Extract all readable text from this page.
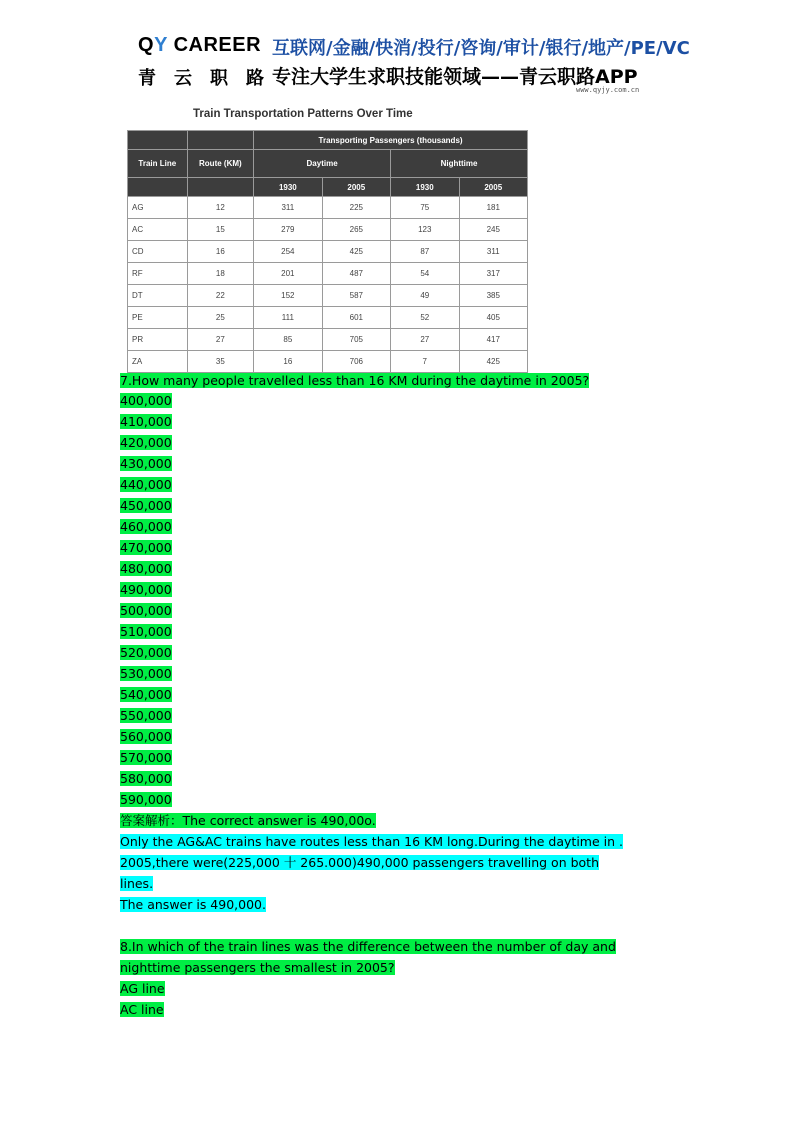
QY CAREER
青云职路
互联网/金融/快消/投行/咨询/审计/银行/地产/PE/VC
专注大学生求职技能领域——青云职路APP
www.qyjy.com.cn
Train Transportation Patterns Over Time
		Transporting Passengers (thousands)			
Train Line	Route (KM)	Daytime		Nighttime	
		1930	2005	1930	2005
AG	12	311	225	75	181
AC	15	279	265	123	245
CD	16	254	425	87	311
RF	18	201	487	54	317
DT	22	152	587	49	385
PE	25	111	601	52	405
PR	27	85	705	27	417
ZA	35	16	706	7	425
7.How many people travelled less than 16 KM during the daytime in 2005?
400,000
410,000
420,000
430,000
440,000
450,000
460,000
470,000
480,000
490,000
500,000
510,000
520,000
530,000
540,000
550,000
560,000
570,000
580,000
590,000
答案解析：The correct answer is 490,00o.
Only the AG&AC trains have routes less than 16 KM long.During the daytime in .
2005,there were(225,000 十 265.000)490,000 passengers travelling on both
lines.
The answer is 490,000.
8.In which of the train lines was the difference between the number of day and
nighttime passengers the smallest in 2005?
AG line
AC line
